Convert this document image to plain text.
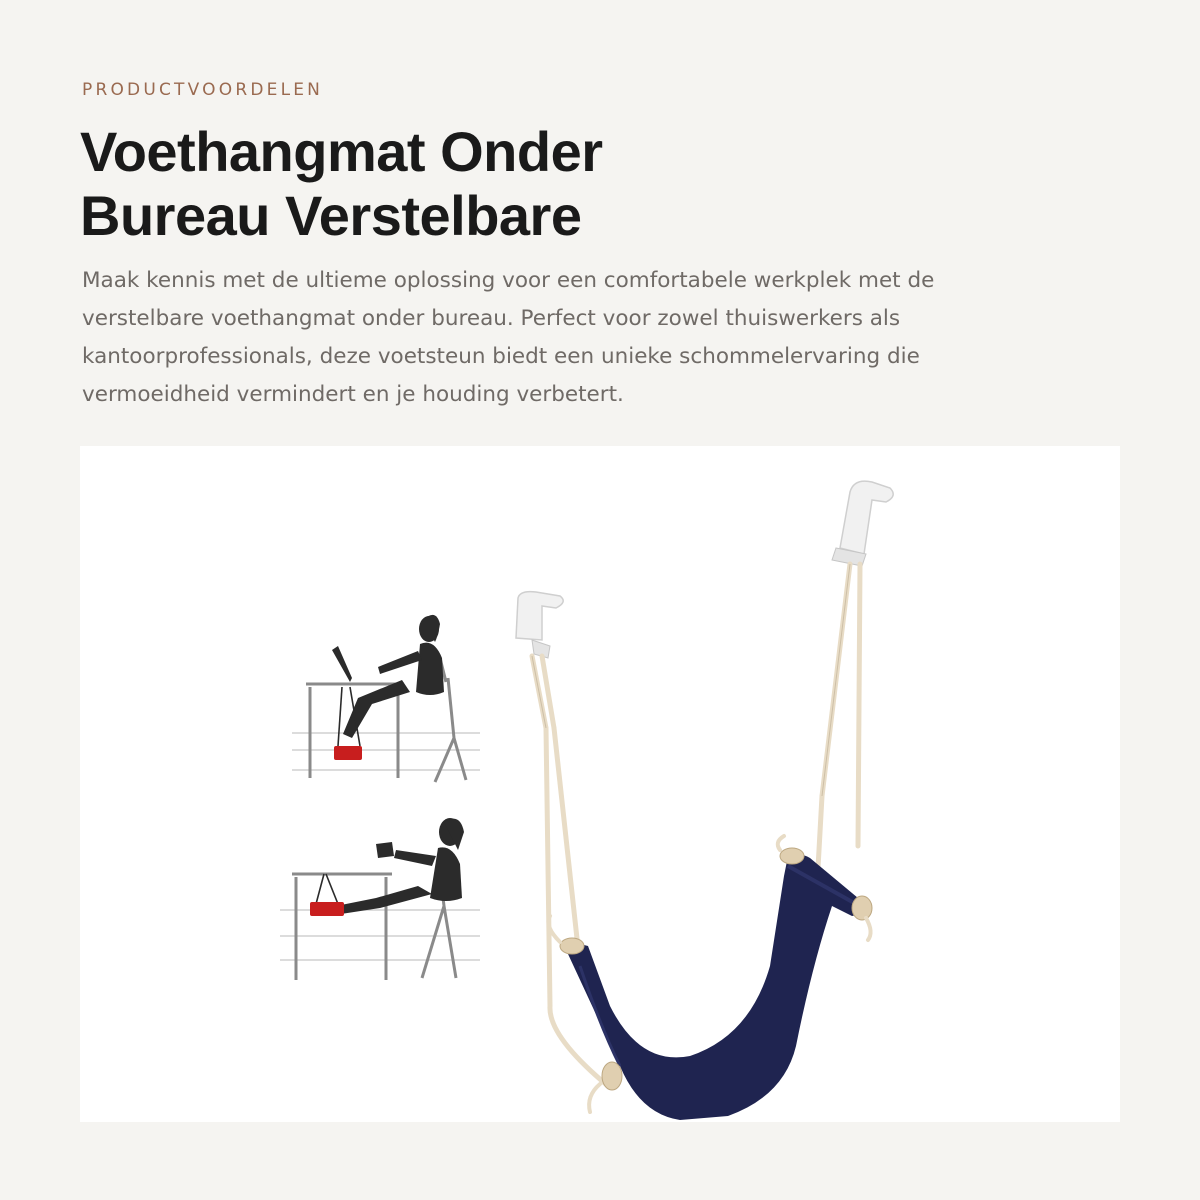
PRODUCTVOORDELEN
Voethangmat Onder
Bureau Verstelbare

Maak kennis met de ultieme oplossing voor een comfortabele werkplek met de
verstelbare voethangmat onder bureau. Perfect voor zowel thuiswerkers als
kantoorprofessionals, deze voetsteun biedt een unieke schommelervaring die
vermoeidheid vermindert en je houding verbetert.
